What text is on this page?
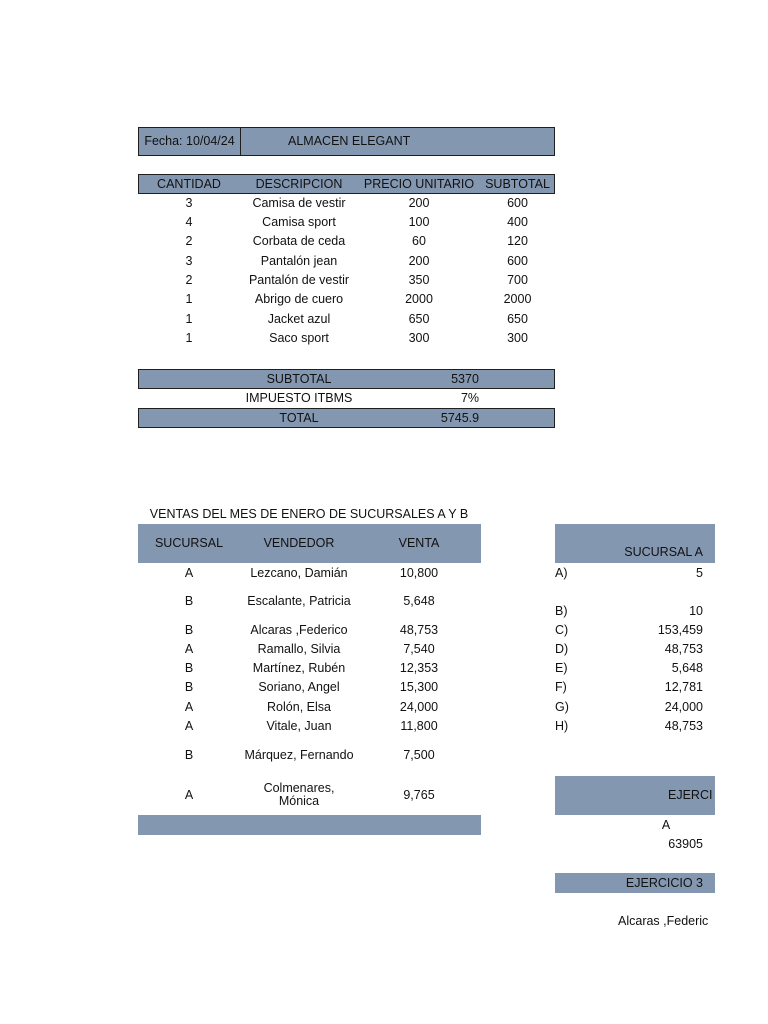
Fecha: 10/04/24	ALMACEN ELEGANT
CANTIDAD	DESCRIPCION	PRECIO UNITARIO SUBTOTAL
3	Camisa de vestir	200	600
4	Camisa sport	100	400
2	Corbata de ceda	60	120
3	Pantalón jean	200	600
2	Pantalón de vestir	350	700
1	Abrigo de cuero	2000	2000
1	Jacket azul	650	650
1	Saco sport	300	300
SUBTOTAL	5370
IMPUESTO ITBMS	7%
TOTAL	5745.9
VENTAS DEL MES DE ENERO DE SUCURSALES A Y B
SUCURSAL	VENDEDOR	VENTA
A	Lezcano, Damián	10,800
B	Escalante, Patricia	5,648
B	Alcaras ,Federico	48,753
A	Ramallo, Silvia	7,540
B	Martínez, Rubén	12,353
B	Soriano, Angel	15,300
A	Rolón, Elsa	24,000
A	Vitale, Juan	11,800
B	Márquez, Fernando	7,500
A	Colmenares, Mónica	9,765
SUCURSAL A
A)	5
B)	10
C)	153,459
D)	48,753
E)	5,648
F)	12,781
G)	24,000
H)	48,753
EJERCI
A
63905
EJERCICIO 3
Alcaras ,Federic
